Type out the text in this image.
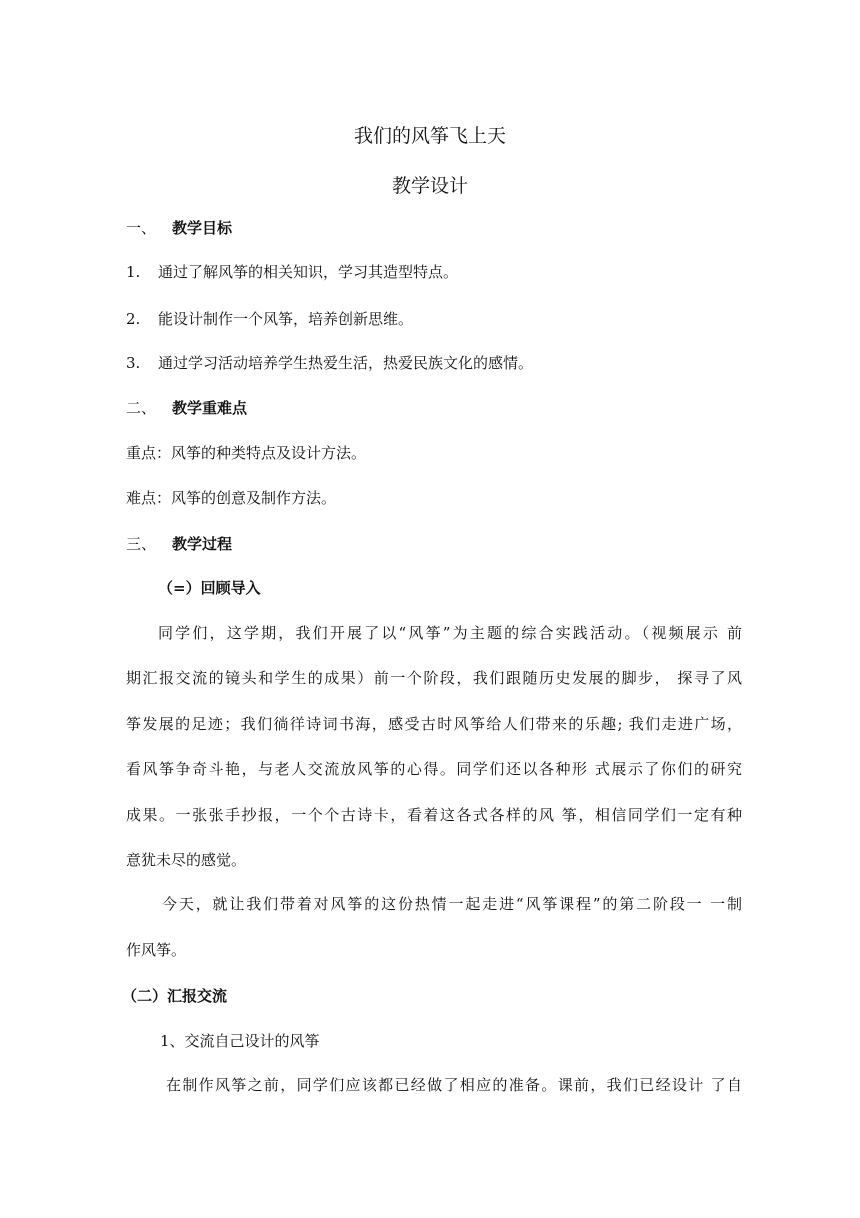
我们的风筝飞上天
教学设计
一、 教学目标
1. 通过了解风筝的相关知识，学习其造型特点。
2. 能设计制作一个风筝，培养创新思维。
3. 通过学习活动培养学生热爱生活，热爱民族文化的感情。
二、 教学重难点
重点：风筝的种类特点及设计方法。
难点：风筝的创意及制作方法。
三、 教学过程
（=）回顾导入
同学们，这学期，我们开展了以“风筝”为主题的综合实践活动。（视频展示 前
期汇报交流的镜头和学生的成果）前一个阶段，我们跟随历史发展的脚步， 探寻了风
筝发展的足迹；我们徜徉诗词书海，感受古时风筝给人们带来的乐趣; 我们走进广场，
看风筝争奇斗艳，与老人交流放风筝的心得。同学们还以各种形 式展示了你们的研究
成果。一张张手抄报，一个个古诗卡，看着这各式各样的风 筝，相信同学们一定有种
意犹未尽的感觉。
今天，就让我们带着对风筝的这份热情一起走进“风筝课程”的第二阶段一 一制
作风筝。
（二）汇报交流
1、交流自己设计的风筝
在制作风筝之前，同学们应该都已经做了相应的准备。课前，我们已经设计 了自
